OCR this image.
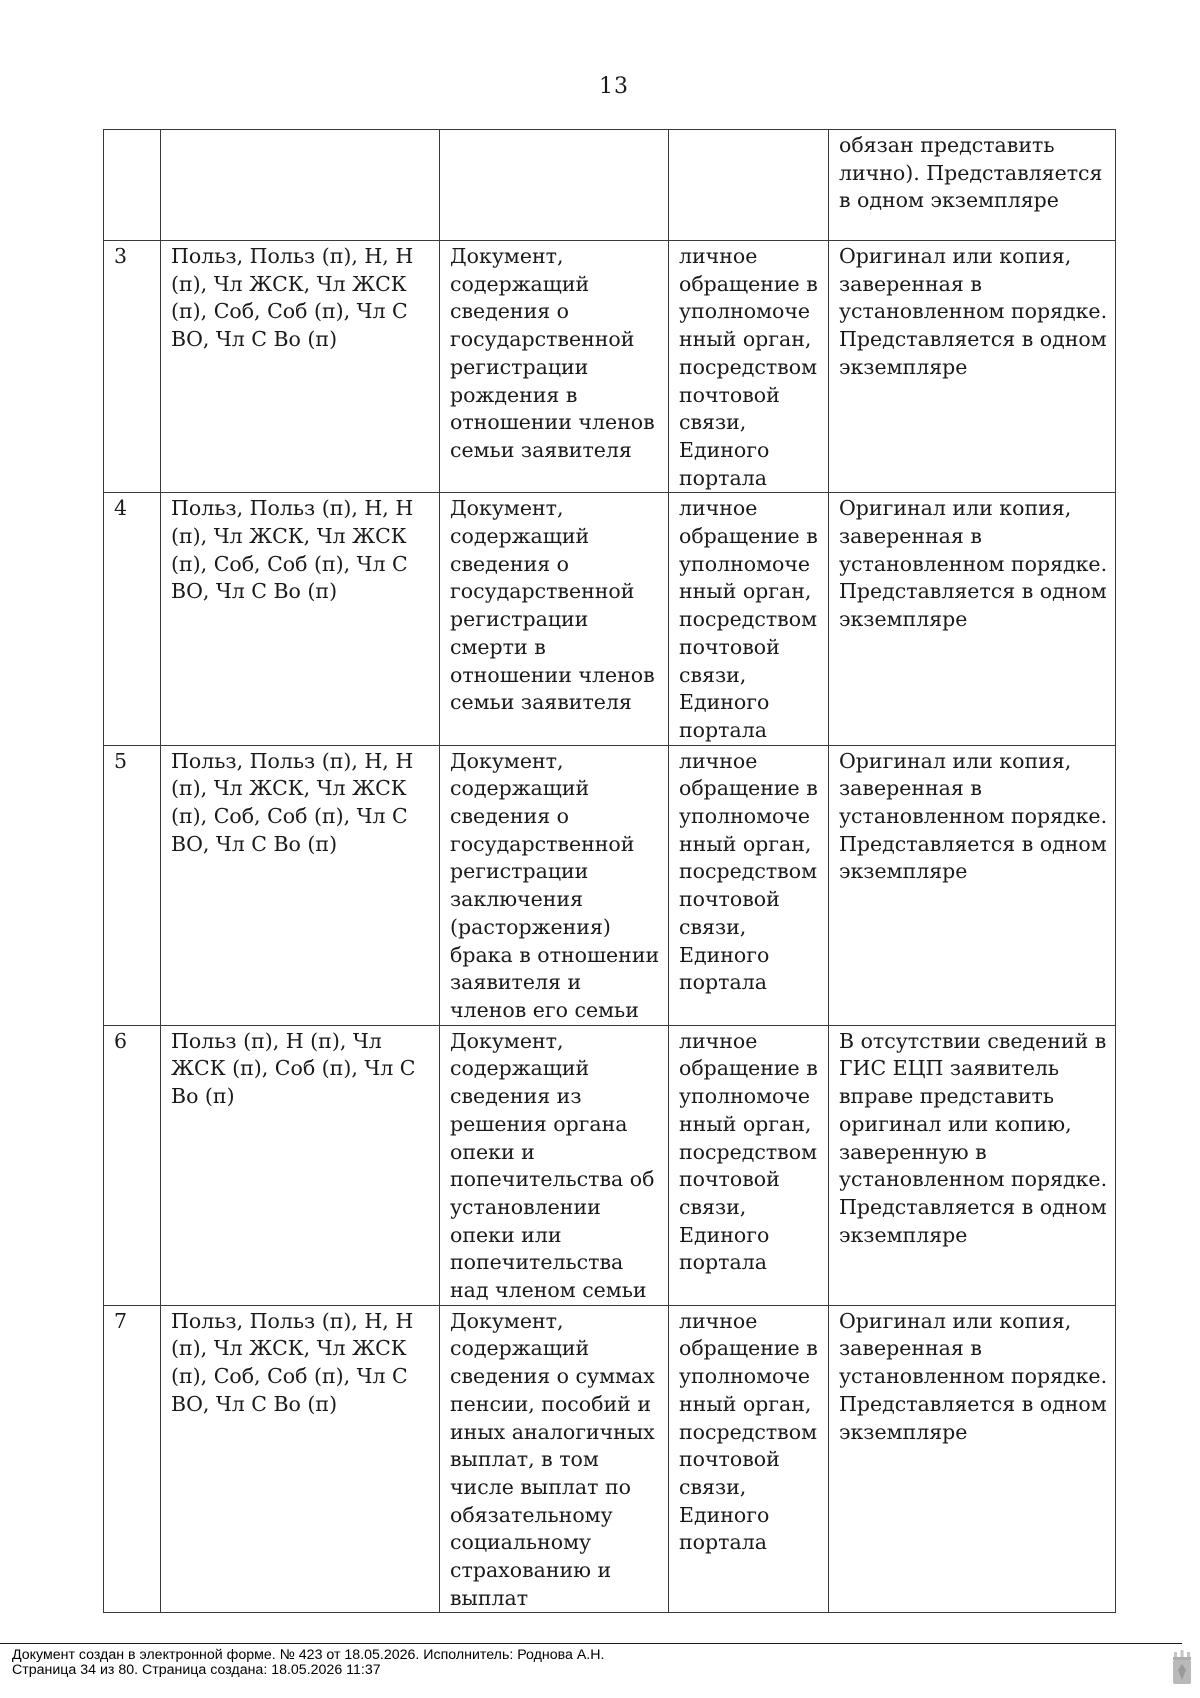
13
				обязан представить лично). Представляется в одном экземпляре
3	Польз, Польз (п), Н, Н (п), Чл ЖСК, Чл ЖСК (п), Соб, Соб (п), Чл С ВО, Чл С Во (п)	Документ, содержащий сведения о государственной регистрации рождения в отношении членов семьи заявителя	личное обращение в уполномоченный орган, посредством почтовой связи, Единого портала	Оригинал или копия, заверенная в установленном порядке. Представляется в одном экземпляре
4	Польз, Польз (п), Н, Н (п), Чл ЖСК, Чл ЖСК (п), Соб, Соб (п), Чл С ВО, Чл С Во (п)	Документ, содержащий сведения о государственной регистрации смерти в отношении членов семьи заявителя	личное обращение в уполномоченный орган, посредством почтовой связи, Единого портала	Оригинал или копия, заверенная в установленном порядке. Представляется в одном экземпляре
5	Польз, Польз (п), Н, Н (п), Чл ЖСК, Чл ЖСК (п), Соб, Соб (п), Чл С ВО, Чл С Во (п)	Документ, содержащий сведения о государственной регистрации заключения (расторжения) брака в отношении заявителя и членов его семьи	личное обращение в уполномоченный орган, посредством почтовой связи, Единого портала	Оригинал или копия, заверенная в установленном порядке. Представляется в одном экземпляре
6	Польз (п), Н (п), Чл ЖСК (п), Соб (п), Чл С Во (п)	Документ, содержащий сведения из решения органа опеки и попечительства об установлении опеки или попечительства над членом семьи	личное обращение в уполномоченный орган, посредством почтовой связи, Единого портала	В отсутствии сведений в ГИС ЕЦП заявитель вправе представить оригинал или копию, заверенную в установленном порядке. Представляется в одном экземпляре
7	Польз, Польз (п), Н, Н (п), Чл ЖСК, Чл ЖСК (п), Соб, Соб (п), Чл С ВО, Чл С Во (п)	Документ, содержащий сведения о суммах пенсии, пособий и иных аналогичных выплат, в том числе выплат по обязательному социальному страхованию и выплат	личное обращение в уполномоченный орган, посредством почтовой связи, Единого портала	Оригинал или копия, заверенная в установленном порядке. Представляется в одном экземпляре
Документ создан в электронной форме. № 423 от 18.05.2026. Исполнитель: Роднова А.Н.
Страница 34 из 80. Страница создана: 18.05.2026 11:37
